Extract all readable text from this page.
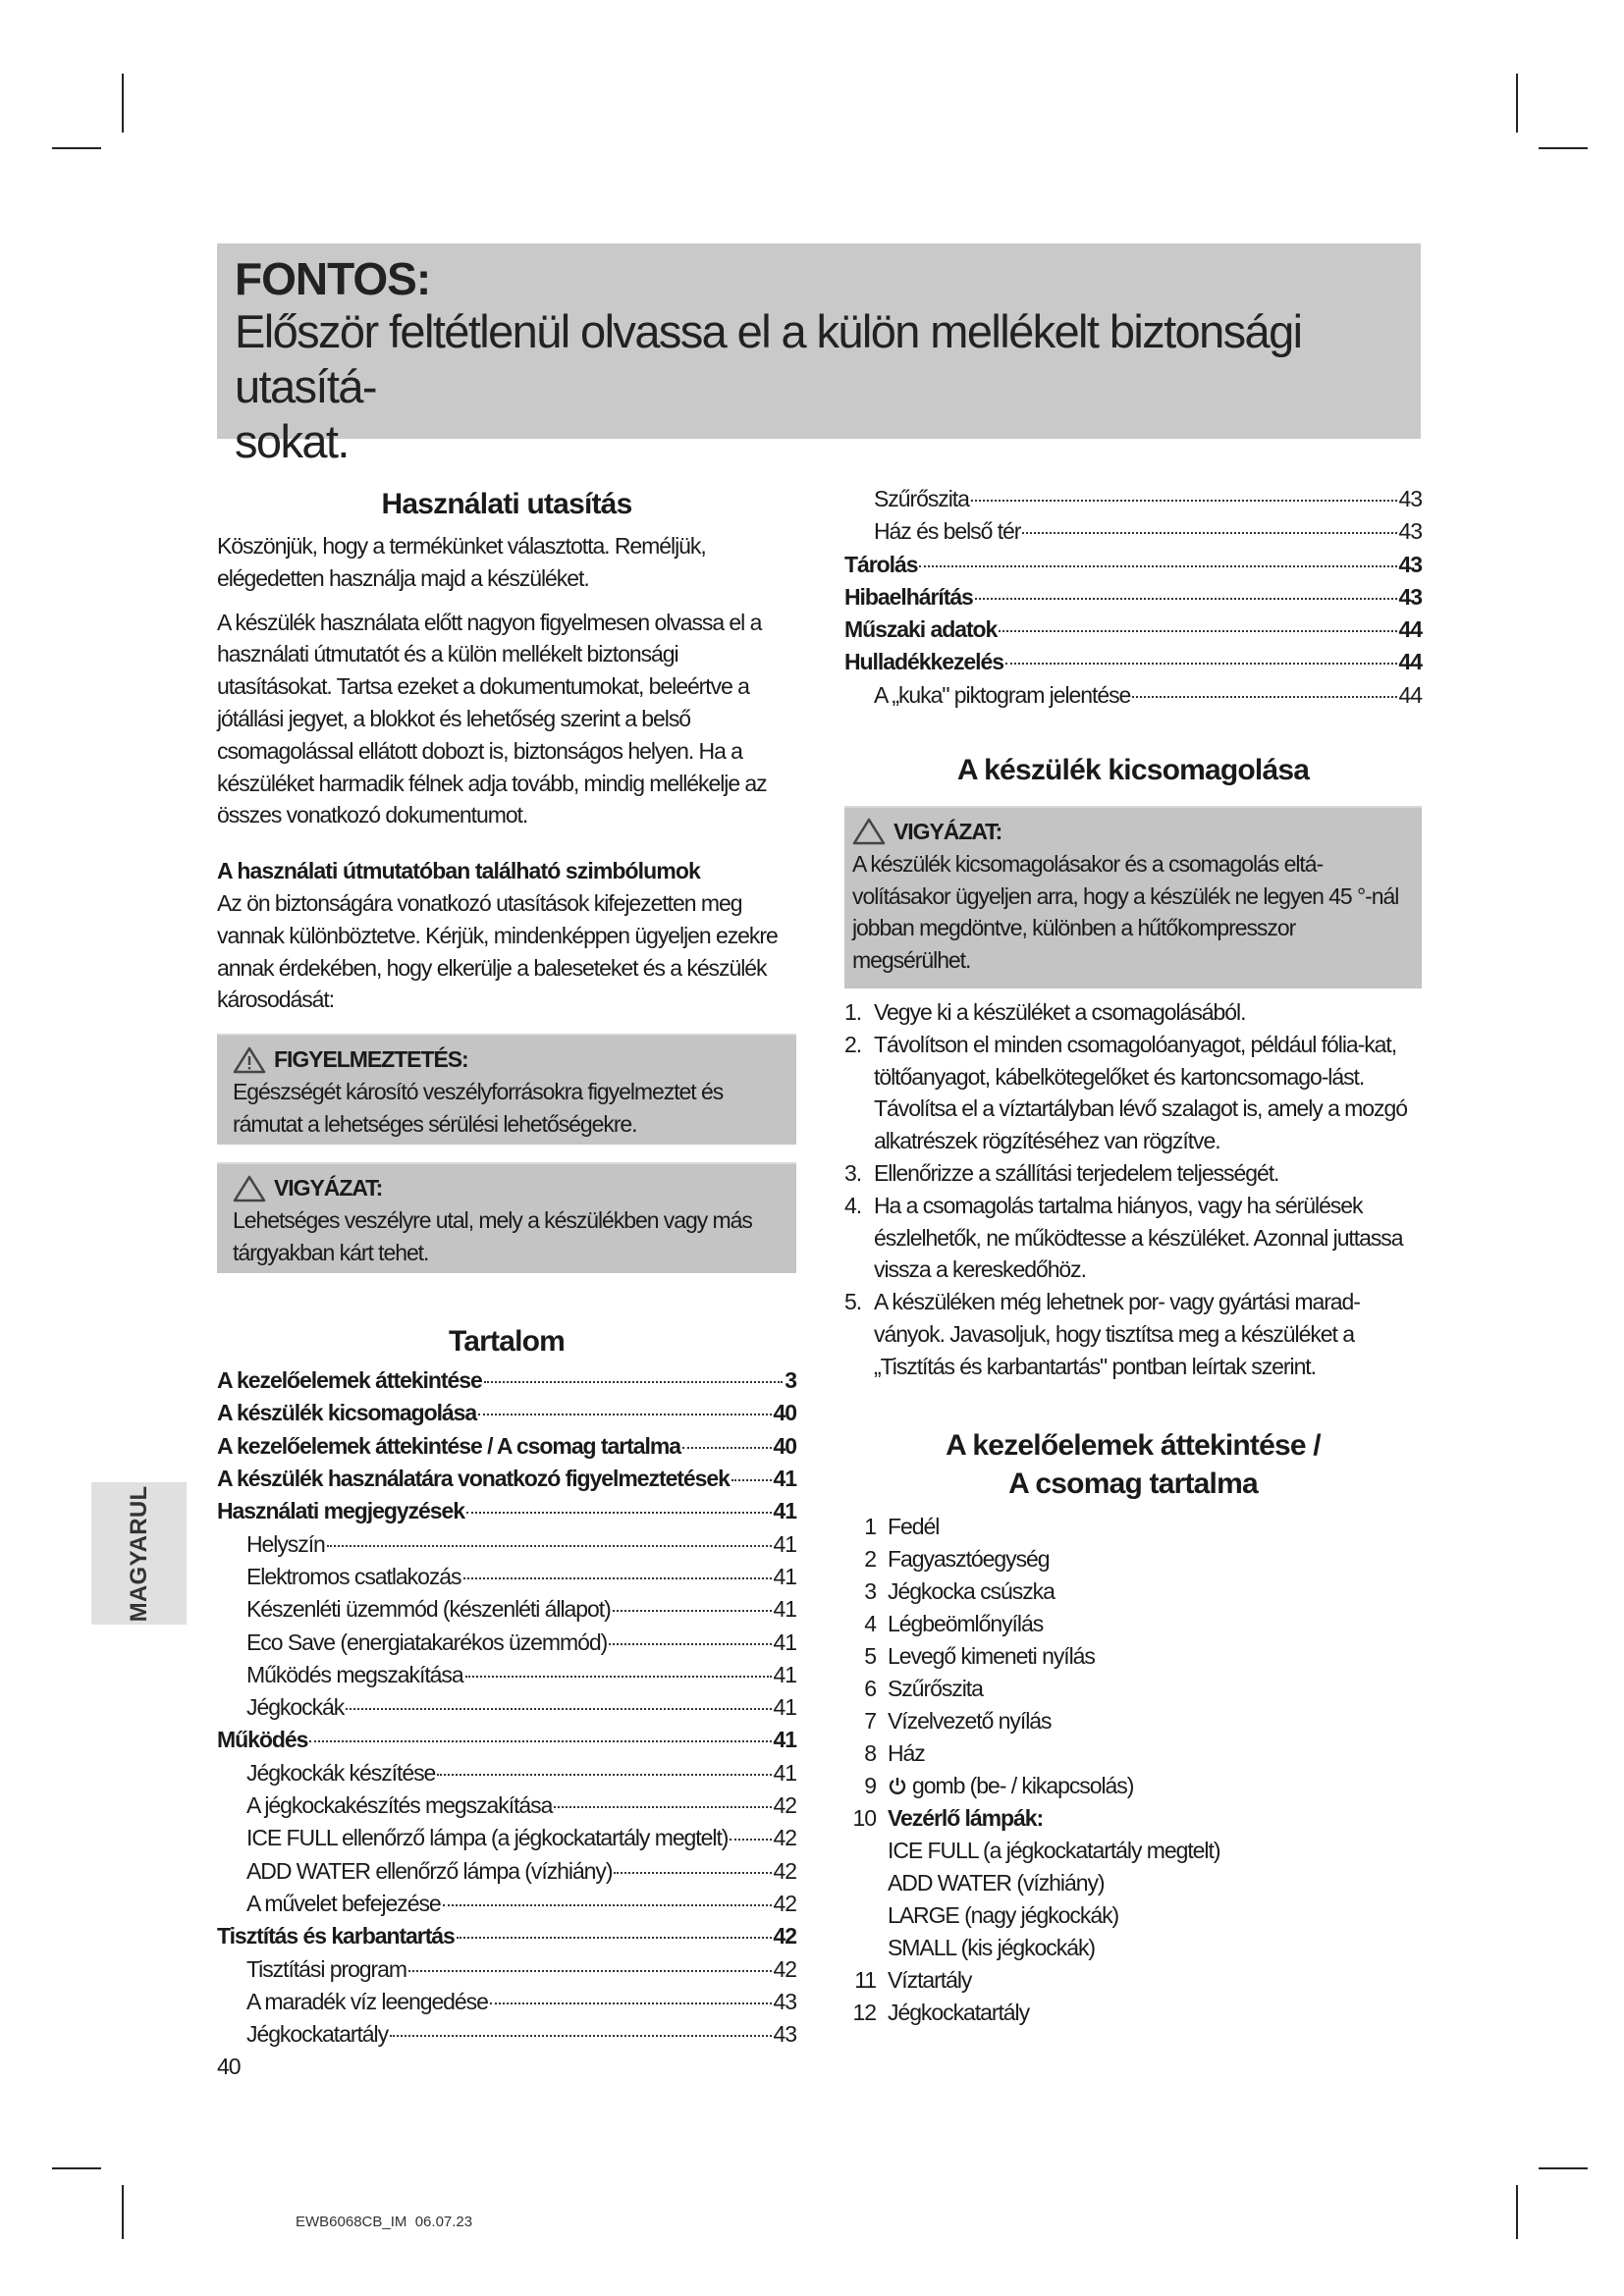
FONTOS:
Először feltétlenül olvassa el a külön mellékelt biztonsági utasítá-
sokat.
Használati utasítás

Köszönjük, hogy a termékünket választotta. Reméljük, elégedetten használja majd a készüléket.

A készülék használata előtt nagyon figyelmesen olvassa el a használati útmutatót és a külön mellékelt biztonsági utasításokat. Tartsa ezeket a dokumentumokat, beleértve a jótállási jegyet, a blokkot és lehetőség szerint a belső csomagolással ellátott dobozt is, biztonságos helyen. Ha a készüléket harmadik félnek adja tovább, mindig mellékelje az összes vonatkozó dokumentumot.

A használati útmutatóban található szimbólumok

Az ön biztonságára vonatkozó utasítások kifejezetten meg vannak különböztetve. Kérjük, mindenképpen ügyeljen ezekre annak érdekében, hogy elkerülje a baleseteket és a készülék károsodását:

FIGYELMEZTETÉS:

Egészségét károsító veszélyforrásokra figyelmeztet és rámutat a lehetséges sérülési lehetőségekre.

VIGYÁZAT:

Lehetséges veszélyre utal, mely a készülékben vagy más tárgyakban kárt tehet.

Tartalom
A kezelőelemek áttekintése	3
A készülék kicsomagolása	40
A kezelőelemek áttekintése / A csomag tartalma	40
A készülék használatára vonatkozó figyelmeztetések 41
Használati megjegyzések	41
Helyszín	41
Elektromos csatlakozás	41
Készenléti üzemmód (készenléti állapot)	41
Eco Save (energiatakarékos üzemmód)	41
Működés megszakítása	41
Jégkockák	41
Működés	41
Jégkockák készítése	41
A jégkockakészítés megszakítása	42
ICE FULL ellenőrző lámpa (a jégkockatartály megtelt) 42
ADD WATER ellenőrző lámpa (vízhiány)	42
A művelet befejezése	42
Tisztítás és karbantartás	42
Tisztítási program	42
A maradék víz leengedése	43
Jégkockatartály	43
40
Szűrőszita	43
Ház és belső tér	43
Tárolás	43
Hibaelhárítás	43
Műszaki adatok	44
Hulladékkezelés	44
A „kuka" piktogram jelentése	44
A készülék kicsomagolása
VIGYÁZAT:

A készülék kicsomagolásakor és a csomagolás eltá-volításakor ügyeljen arra, hogy a készülék ne legyen 45 °-nál jobban megdöntve, különben a hűtőkompresszor megsérülhet.

1. Vegye ki a készüléket a csomagolásából.
2. Távolítson el minden csomagolóanyagot, például fólia-kat, töltőanyagot, kábelkötegelőket és kartoncsomago-lást. Távolítsa el a víztartályban lévő szalagot is, amely a mozgó alkatrészek rögzítéséhez van rögzítve.
3. Ellenőrizze a szállítási terjedelem teljességét.
4. Ha a csomagolás tartalma hiányos, vagy ha sérülések észlelhetők, ne működtesse a készüléket. Azonnal juttassa vissza a kereskedőhöz.
5. A készüléken még lehetnek por- vagy gyártási marad-ványok. Javasoljuk, hogy tisztítsa meg a készüléket a „Tisztítás és karbantartás" pontban leírtak szerint.
A kezelőelemek áttekintése /
A csomag tartalma
1 Fedél
2 Fagyasztóegység
3 Jégkocka csúszka
4 Légbeömlőnyílás
5 Levegő kimeneti nyílás
6 Szűrőszita
7 Vízelvezető nyílás
8 Ház
9 gomb (be- / kikapcsolás)
10 Vezérlő lámpák:
ICE FULL (a jégkockatartály megtelt)
ADD WATER (vízhiány)
LARGE (nagy jégkockák)
SMALL (kis jégkockák)
11 Víztartály
12 Jégkockatartály
MAGYARUL
EWB6068CB_IM  06.07.23
